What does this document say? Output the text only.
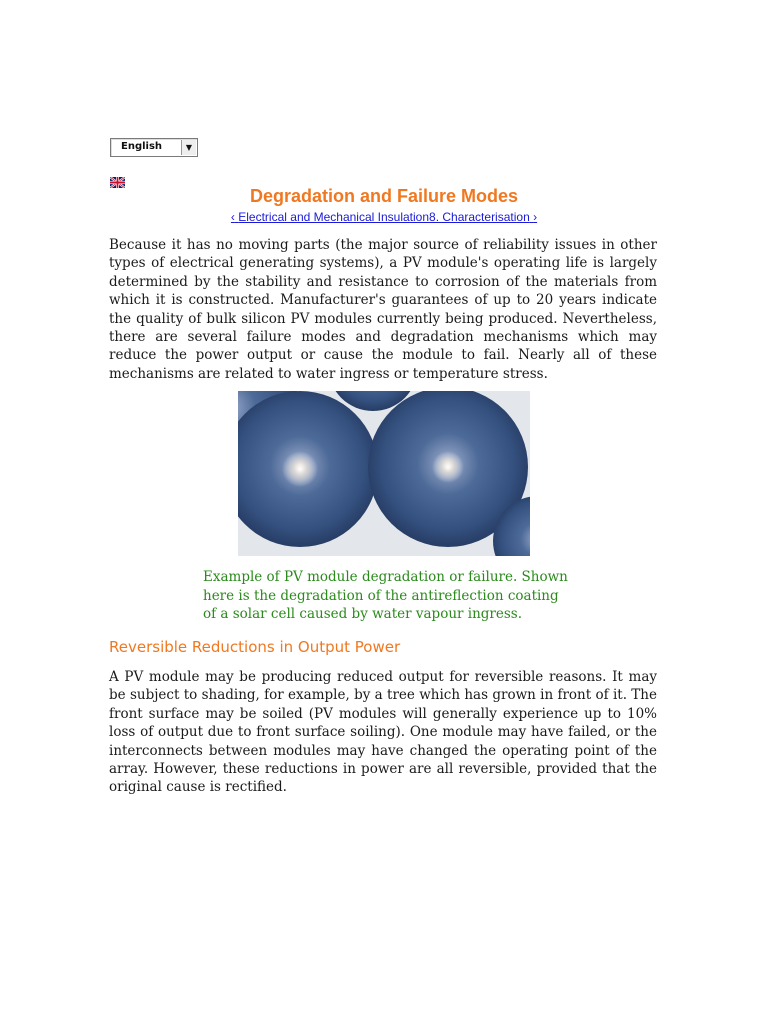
English	▼
Degradation and Failure Modes
‹ Electrical and Mechanical Insulation8. Characterisation ›

Because it has no moving parts (the major source of reliability issues in other types of electrical generating systems), a PV module's operating life is largely determined by the stability and resistance to corrosion of the materials from which it is constructed. Manufacturer's guarantees of up to 20 years indicate the quality of bulk silicon PV modules currently being produced. Nevertheless, there are several failure modes and degradation mechanisms which may reduce the power output or cause the module to fail. Nearly all of these mechanisms are related to water ingress or temperature stress.

Example of PV module degradation or failure. Shown here is the degradation of the antireflection coating of a solar cell caused by water vapour ingress.

Reversible Reductions in Output Power

A PV module may be producing reduced output for reversible reasons. It may be subject to shading, for example, by a tree which has grown in front of it. The front surface may be soiled (PV modules will generally experience up to 10% loss of output due to front surface soiling). One module may have failed, or the interconnects between modules may have changed the operating point of the array. However, these reductions in power are all reversible, provided that the original cause is rectified.
